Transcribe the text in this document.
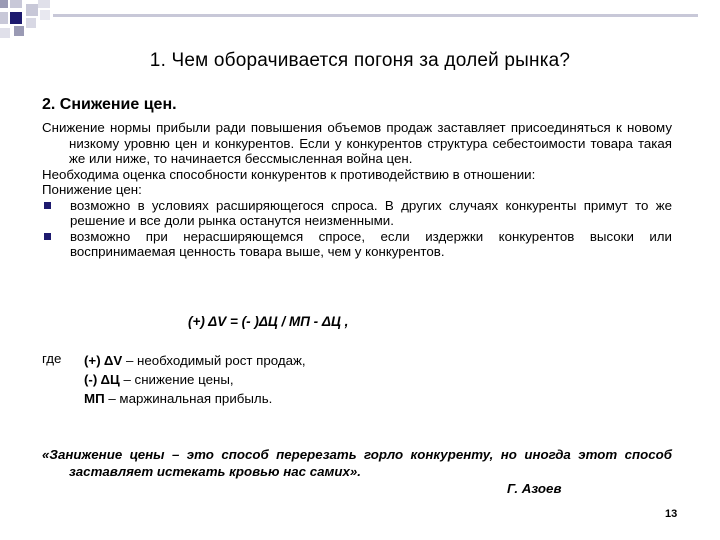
1. Чем оборачивается погоня за долей рынка?
2. Снижение цен.
Снижение нормы прибыли ради повышения объемов продаж заставляет присоединяться к новому низкому уровню цен и конкурентов. Если у конкурентов структура себестоимости товара такая же или ниже, то начинается бессмысленная война цен.
Необходима оценка способности конкурентов к противодействию в отношении:
Понижение цен:
возможно в условиях расширяющегося спроса. В других случаях конкуренты примут то же решение и все доли рынка останутся неизменными.
возможно при нерасширяющемся спросе, если издержки конкурентов высоки или воспринимаемая ценность товара выше, чем у конкурентов.
(+) ΔV = (- )ΔЦ / МП - ΔЦ ,
где (+) ΔV – необходимый рост продаж,
(-) ΔЦ – снижение цены,
МП – маржинальная прибыль.
«Занижение цены – это способ перерезать горло конкуренту, но иногда этот способ заставляет истекать кровью нас самих».
Г. Азоев
13
